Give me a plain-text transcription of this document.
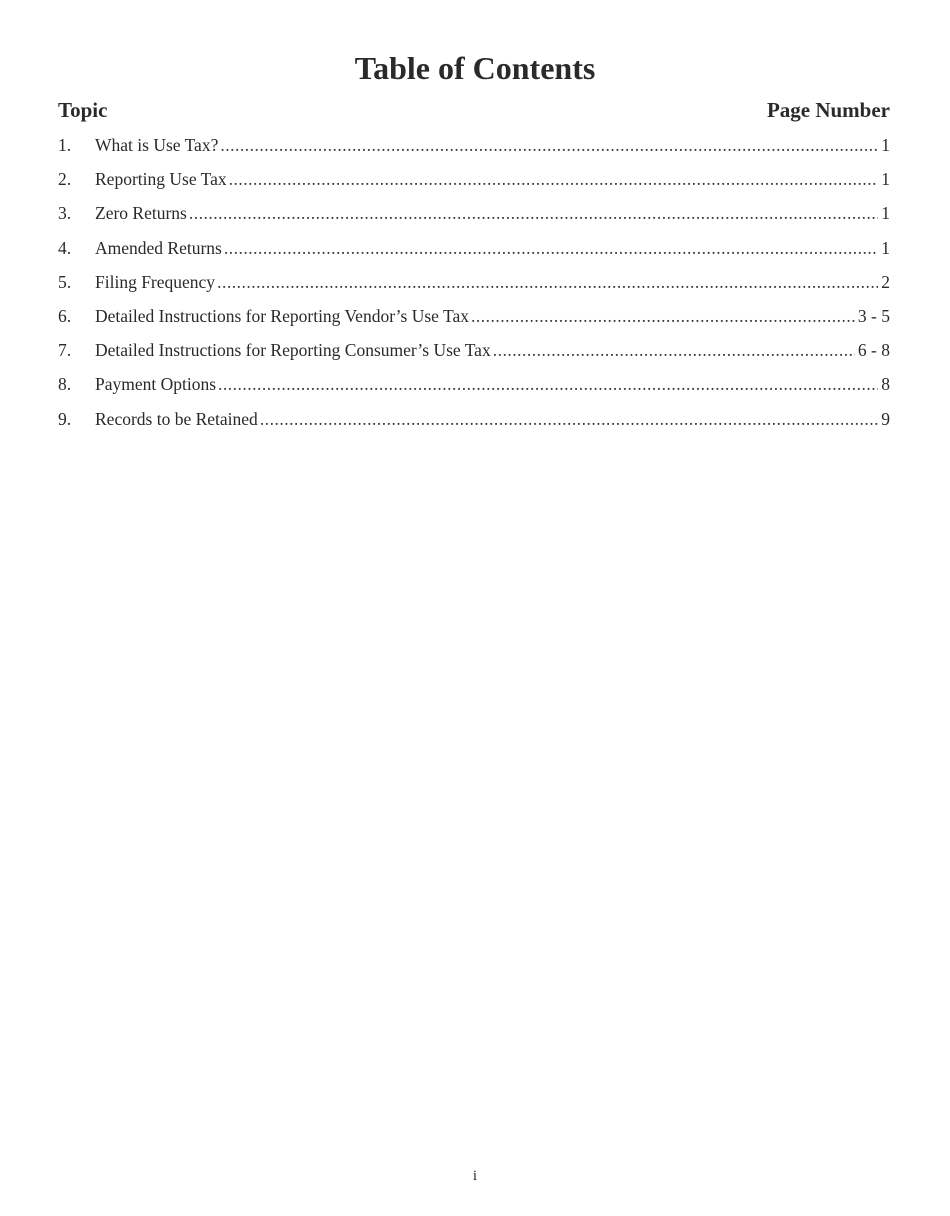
Table of Contents
Topic	Page Number
1.	What is Use Tax? .....	1
2.	Reporting Use Tax .....	1
3.	Zero Returns .....	1
4.	Amended Returns .....	1
5.	Filing Frequency .....	2
6.	Detailed Instructions for Reporting Vendor’s Use Tax .....	3 - 5
7.	Detailed Instructions for Reporting Consumer’s Use Tax .....	6 - 8
8.	Payment Options .....	8
9.	Records to be Retained .....	9
i
